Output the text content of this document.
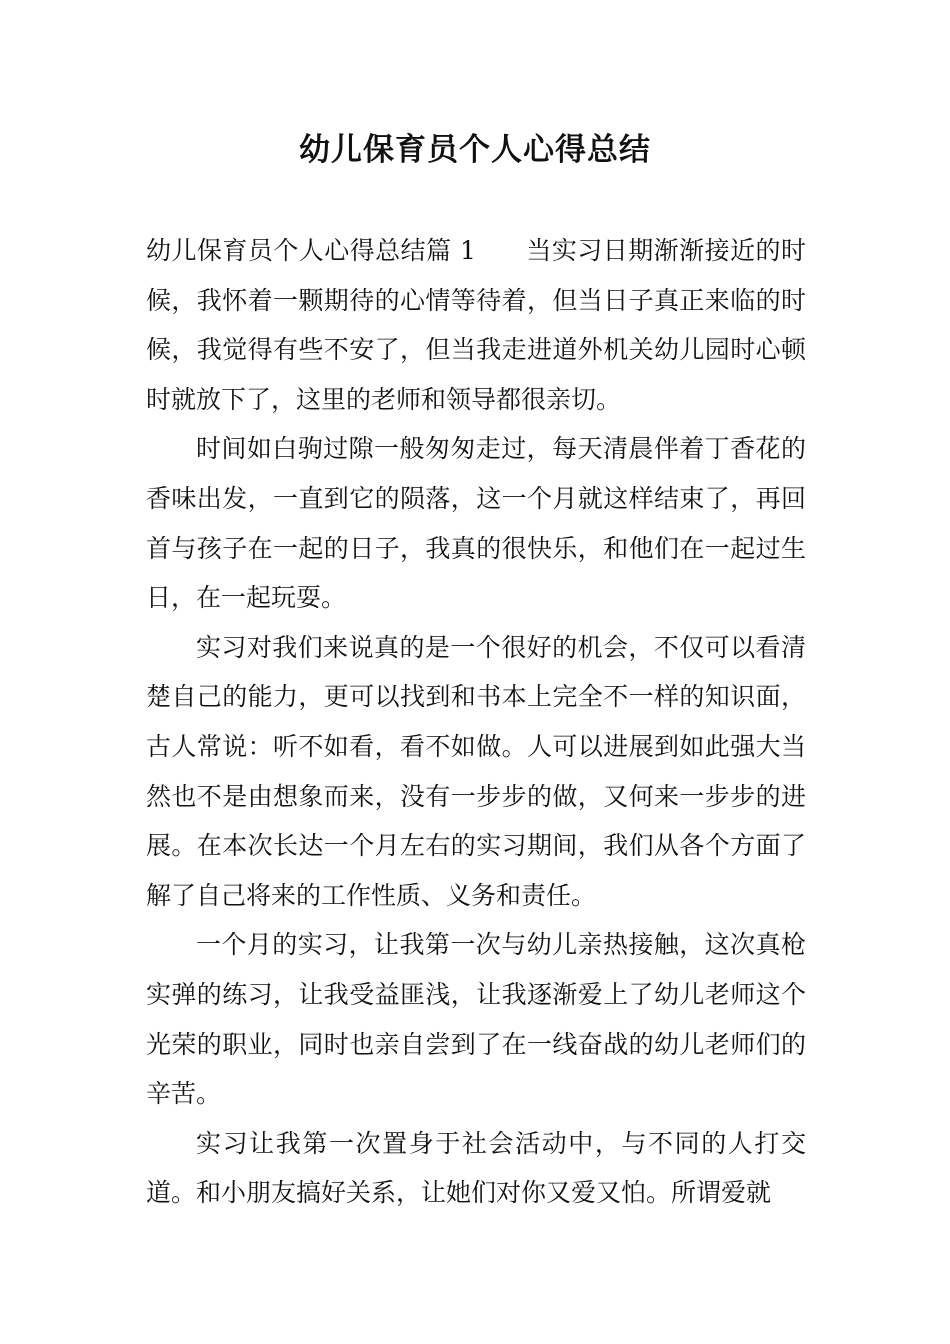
幼儿保育员个人心得总结

幼儿保育员个人心得总结篇 1 当实习日期渐渐接近的时候，我怀着一颗期待的心情等待着，但当日子真正来临的时候，我觉得有些不安了，但当我走进道外机关幼儿园时心顿时就放下了，这里的老师和领导都很亲切。

时间如白驹过隙一般匆匆走过，每天清晨伴着丁香花的香味出发，一直到它的陨落，这一个月就这样结束了，再回首与孩子在一起的日子，我真的很快乐，和他们在一起过生日，在一起玩耍。

实习对我们来说真的是一个很好的机会，不仅可以看清楚自己的能力，更可以找到和书本上完全不一样的知识面，古人常说：听不如看，看不如做。人可以进展到如此强大当然也不是由想象而来，没有一步步的做，又何来一步步的进展。在本次长达一个月左右的实习期间，我们从各个方面了解了自己将来的工作性质、义务和责任。

一个月的实习，让我第一次与幼儿亲热接触，这次真枪实弹的练习，让我受益匪浅，让我逐渐爱上了幼儿老师这个光荣的职业，同时也亲自尝到了在一线奋战的幼儿老师们的辛苦。

实习让我第一次置身于社会活动中，与不同的人打交道。和小朋友搞好关系，让她们对你又爱又怕。所谓爱就
